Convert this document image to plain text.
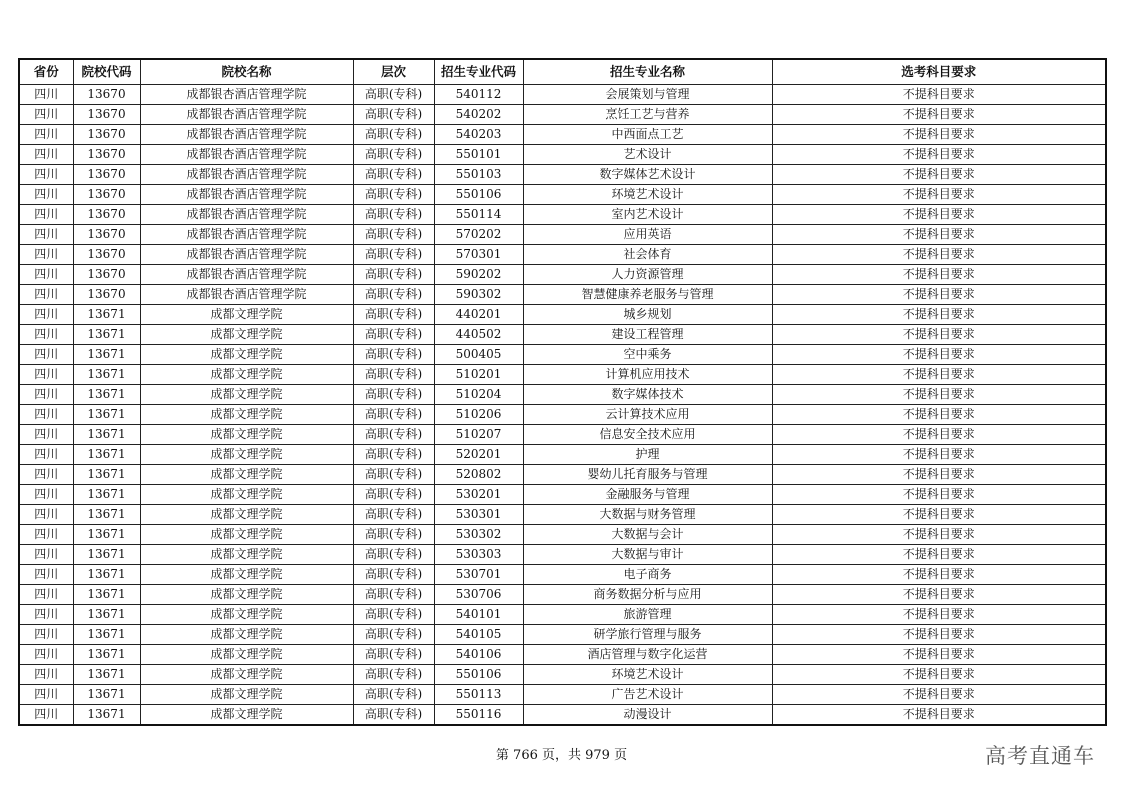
省份	院校代码	院校名称	层次	招生专业代码	招生专业名称	选考科目要求
四川	13670	成都银杏酒店管理学院	高职(专科)	540112	会展策划与管理	不提科目要求
四川	13670	成都银杏酒店管理学院	高职(专科)	540202	烹饪工艺与营养	不提科目要求
四川	13670	成都银杏酒店管理学院	高职(专科)	540203	中西面点工艺	不提科目要求
四川	13670	成都银杏酒店管理学院	高职(专科)	550101	艺术设计	不提科目要求
四川	13670	成都银杏酒店管理学院	高职(专科)	550103	数字媒体艺术设计	不提科目要求
四川	13670	成都银杏酒店管理学院	高职(专科)	550106	环境艺术设计	不提科目要求
四川	13670	成都银杏酒店管理学院	高职(专科)	550114	室内艺术设计	不提科目要求
四川	13670	成都银杏酒店管理学院	高职(专科)	570202	应用英语	不提科目要求
四川	13670	成都银杏酒店管理学院	高职(专科)	570301	社会体育	不提科目要求
四川	13670	成都银杏酒店管理学院	高职(专科)	590202	人力资源管理	不提科目要求
四川	13670	成都银杏酒店管理学院	高职(专科)	590302	智慧健康养老服务与管理	不提科目要求
四川	13671	成都文理学院	高职(专科)	440201	城乡规划	不提科目要求
四川	13671	成都文理学院	高职(专科)	440502	建设工程管理	不提科目要求
四川	13671	成都文理学院	高职(专科)	500405	空中乘务	不提科目要求
四川	13671	成都文理学院	高职(专科)	510201	计算机应用技术	不提科目要求
四川	13671	成都文理学院	高职(专科)	510204	数字媒体技术	不提科目要求
四川	13671	成都文理学院	高职(专科)	510206	云计算技术应用	不提科目要求
四川	13671	成都文理学院	高职(专科)	510207	信息安全技术应用	不提科目要求
四川	13671	成都文理学院	高职(专科)	520201	护理	不提科目要求
四川	13671	成都文理学院	高职(专科)	520802	婴幼儿托育服务与管理	不提科目要求
四川	13671	成都文理学院	高职(专科)	530201	金融服务与管理	不提科目要求
四川	13671	成都文理学院	高职(专科)	530301	大数据与财务管理	不提科目要求
四川	13671	成都文理学院	高职(专科)	530302	大数据与会计	不提科目要求
四川	13671	成都文理学院	高职(专科)	530303	大数据与审计	不提科目要求
四川	13671	成都文理学院	高职(专科)	530701	电子商务	不提科目要求
四川	13671	成都文理学院	高职(专科)	530706	商务数据分析与应用	不提科目要求
四川	13671	成都文理学院	高职(专科)	540101	旅游管理	不提科目要求
四川	13671	成都文理学院	高职(专科)	540105	研学旅行管理与服务	不提科目要求
四川	13671	成都文理学院	高职(专科)	540106	酒店管理与数字化运营	不提科目要求
四川	13671	成都文理学院	高职(专科)	550106	环境艺术设计	不提科目要求
四川	13671	成都文理学院	高职(专科)	550113	广告艺术设计	不提科目要求
四川	13671	成都文理学院	高职(专科)	550116	动漫设计	不提科目要求
第 766 页，共 979 页	高考直通车
